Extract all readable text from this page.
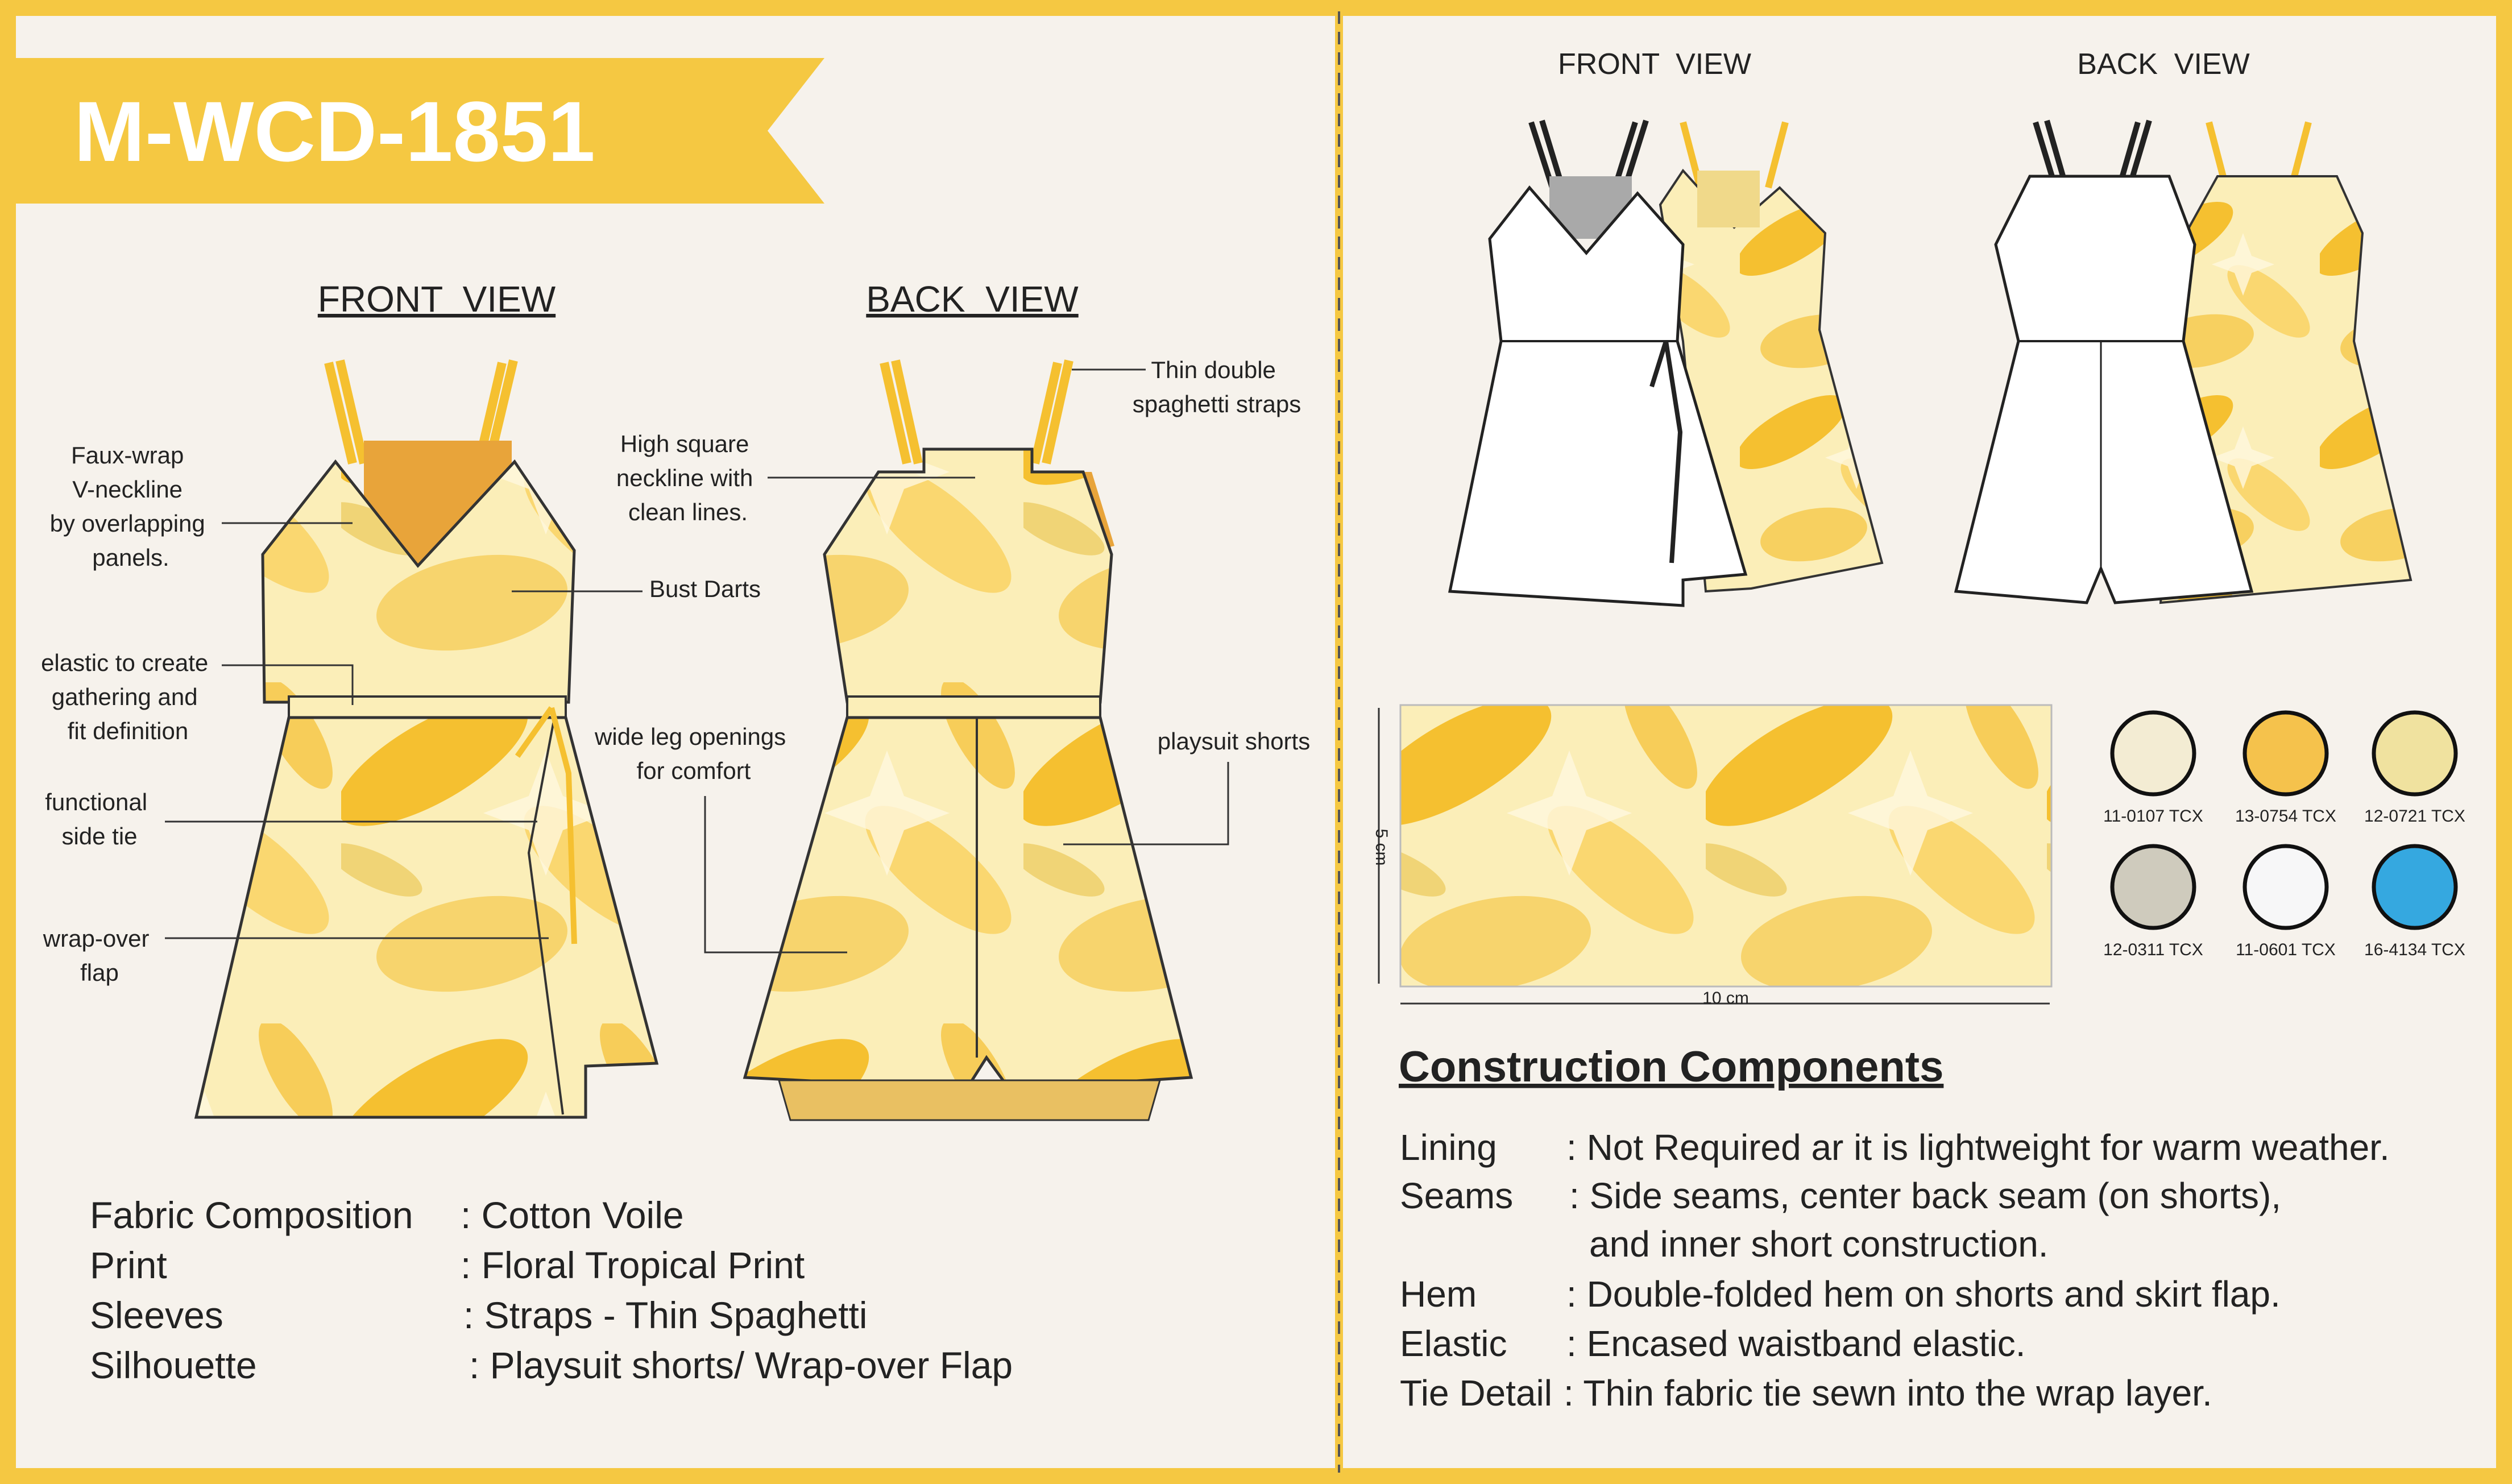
M-WCD-1851
FRONT  VIEW	BACK  VIEW
Faux-wrap V-neckline by overlapping panels.
elastic to create gathering and fit definition
functional side tie
wrap-over flap
High square neckline with clean lines.
Bust Darts
wide leg openings for comfort
Thin double spaghetti straps
playsuit shorts
Fabric Composition : Cotton Voile
Print	: Floral Tropical Print
Sleeves	: Straps - Thin Spaghetti
Silhouette	: Playsuit shorts/ Wrap-over Flap
FRONT  VIEW	BACK  VIEW
5 cm
10 cm
11-0107 TCX 13-0754 TCX 12-0721 TCX
12-0311 TCX 11-0601 TCX 16-4134 TCX
Construction Components
Lining : Not Required ar it is lightweight for warm weather.
Seams : Side seams, center back seam (on shorts),
and inner short construction.
Hem : Double-folded hem on shorts and skirt flap.
Elastic : Encased waistband elastic.
Tie Detail : Thin fabric tie sewn into the wrap layer.
